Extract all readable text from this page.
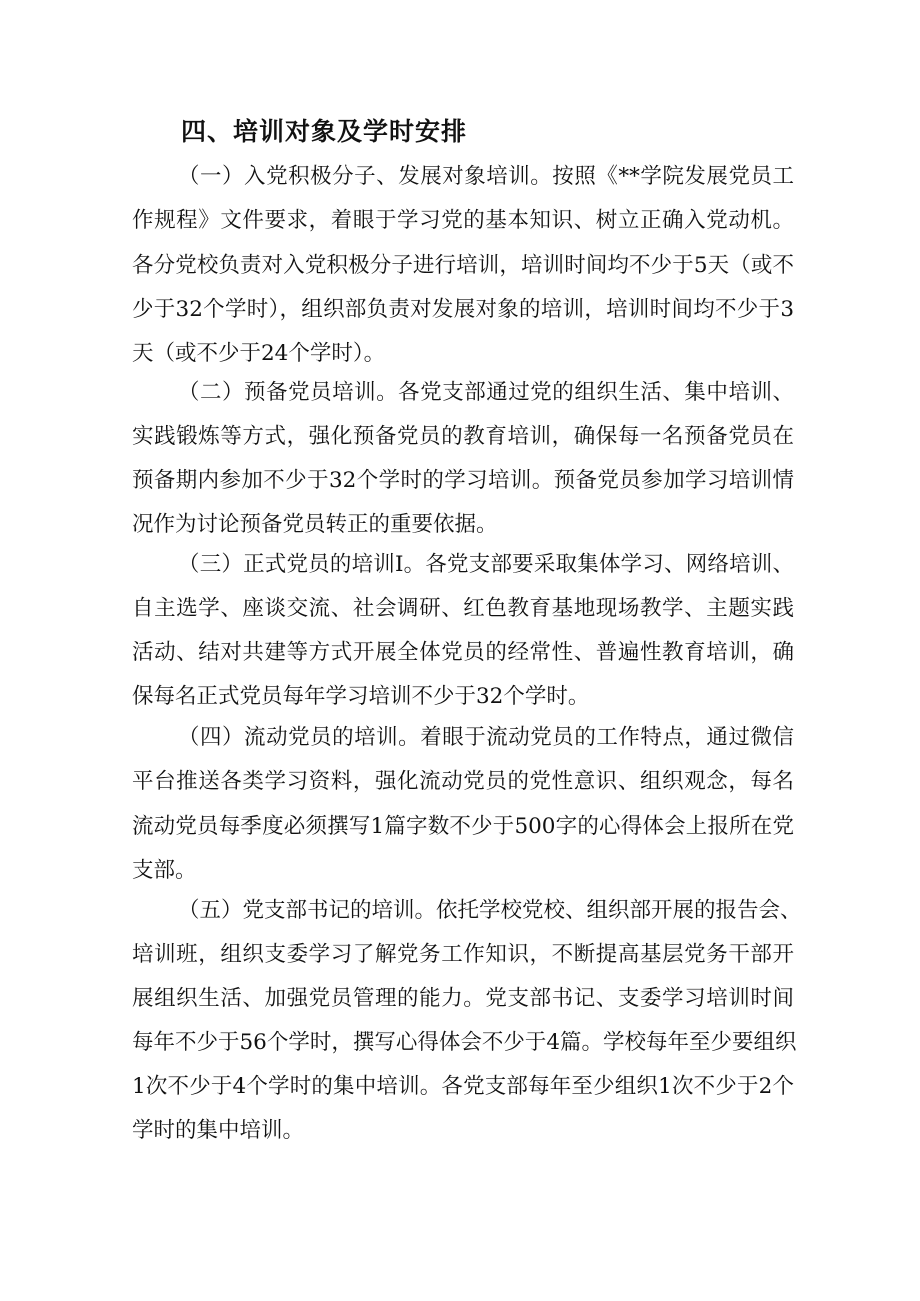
四、培训对象及学时安排
（一）入党积极分子、发展对象培训。按照《**学院发展党员工
作规程》文件要求，着眼于学习党的基本知识、树立正确入党动机。
各分党校负责对入党积极分子进行培训，培训时间均不少于5天（或不
少于32个学时），组织部负责对发展对象的培训，培训时间均不少于3
天（或不少于24个学时）。
（二）预备党员培训。各党支部通过党的组织生活、集中培训、
实践锻炼等方式，强化预备党员的教育培训，确保每一名预备党员在
预备期内参加不少于32个学时的学习培训。预备党员参加学习培训情
况作为讨论预备党员转正的重要依据。
（三）正式党员的培训I。各党支部要采取集体学习、网络培训、
自主选学、座谈交流、社会调研、红色教育基地现场教学、主题实践
活动、结对共建等方式开展全体党员的经常性、普遍性教育培训，确
保每名正式党员每年学习培训不少于32个学时。
（四）流动党员的培训。着眼于流动党员的工作特点，通过微信
平台推送各类学习资料，强化流动党员的党性意识、组织观念，每名
流动党员每季度必须撰写1篇字数不少于500字的心得体会上报所在党
支部。
（五）党支部书记的培训。依托学校党校、组织部开展的报告会、
培训班，组织支委学习了解党务工作知识，不断提高基层党务干部开
展组织生活、加强党员管理的能力。党支部书记、支委学习培训时间
每年不少于56个学时，撰写心得体会不少于4篇。学校每年至少要组织
1次不少于4个学时的集中培训。各党支部每年至少组织1次不少于2个
学时的集中培训。
